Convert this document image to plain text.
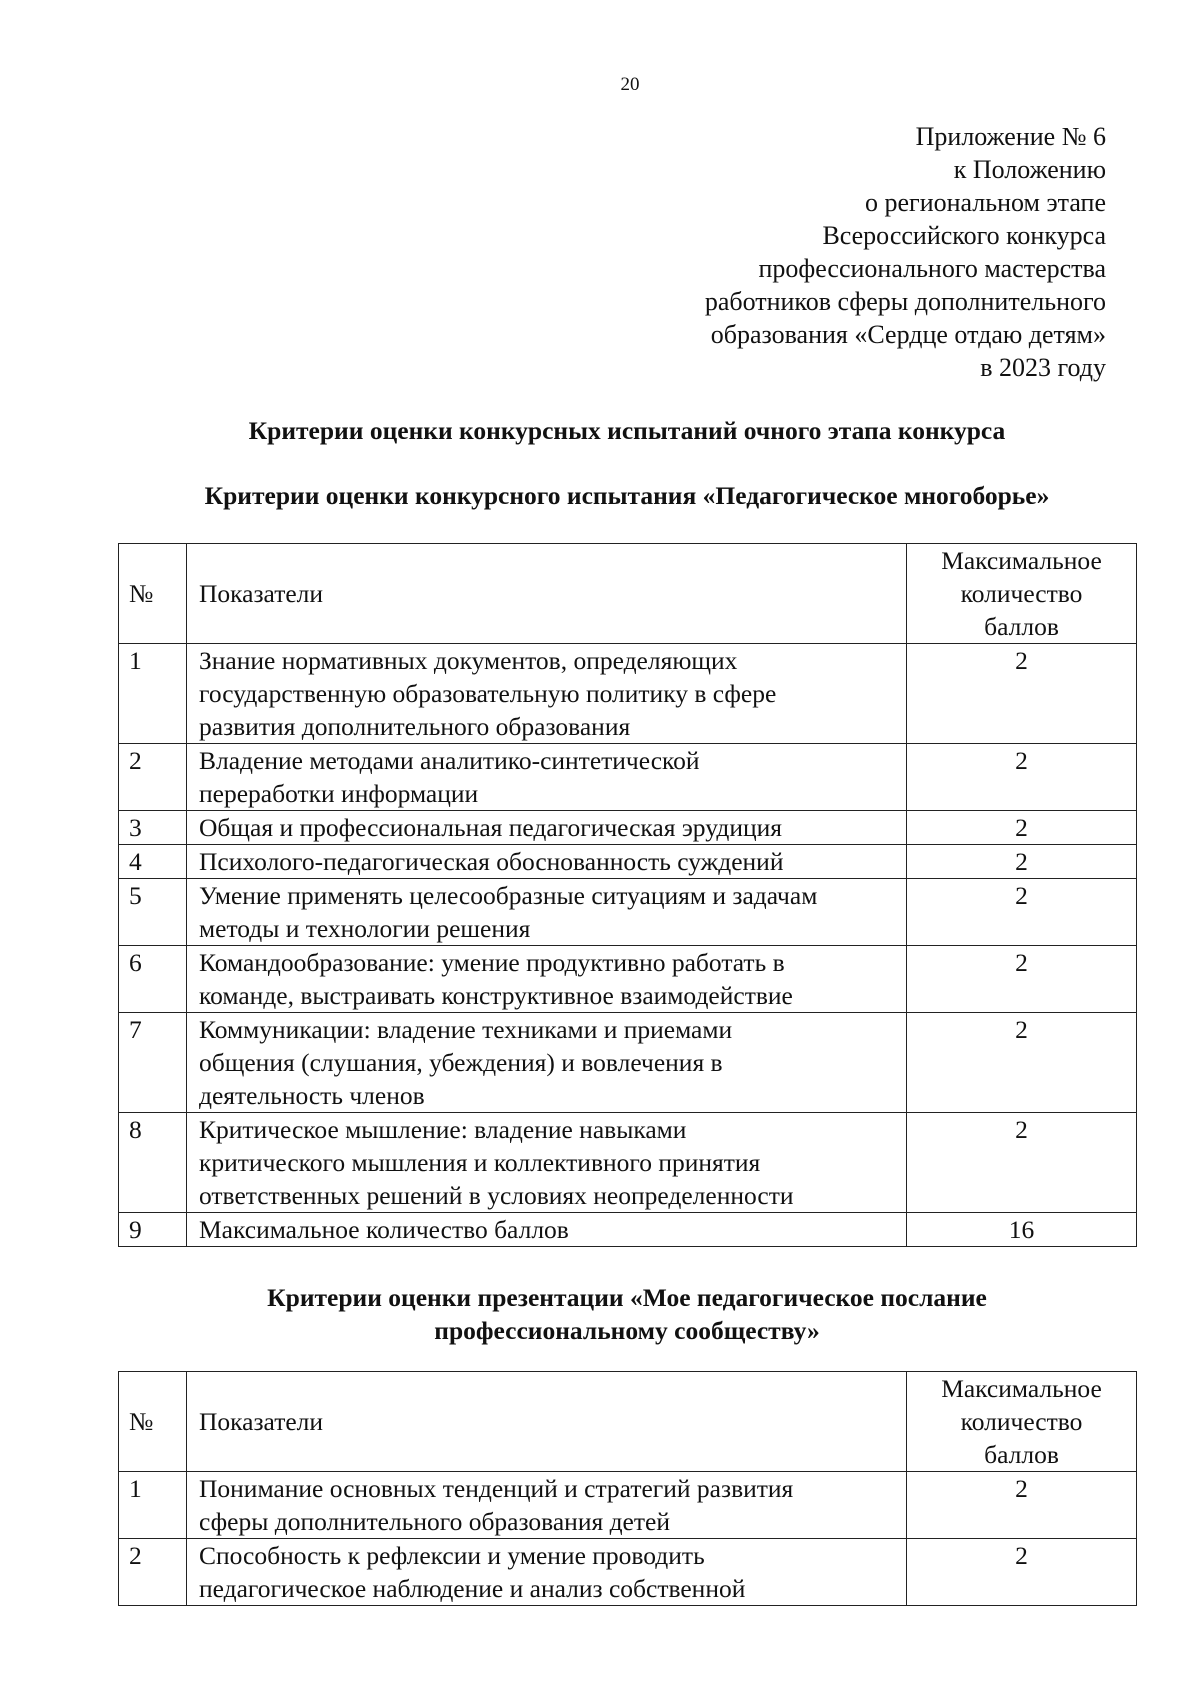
20
Приложение № 6
к Положению
о региональном этапе
Всероссийского конкурса
профессионального мастерства
работников сферы дополнительного
образования «Сердце отдаю детям»
в 2023 году
Критерии оценки конкурсных испытаний очного этапа конкурса
Критерии оценки конкурсного испытания «Педагогическое многоборье»
№	Показатели	Максимальное
количество
баллов

1	Знание нормативных документов, определяющих
государственную образовательную политику в сфере
развития дополнительного образования	2
2	Владение методами аналитико-синтетической
переработки информации	2
3	Общая и профессиональная педагогическая эрудиция	2
4	Психолого-педагогическая обоснованность суждений	2
5	Умение применять целесообразные ситуациям и задачам
методы и технологии решения	2
6	Командообразование: умение продуктивно работать в
команде, выстраивать конструктивное взаимодействие	2
7	Коммуникации: владение техниками и приемами
общения (слушания, убеждения) и вовлечения в
деятельность членов	2
8	Критическое мышление: владение навыками
критического мышления и коллективного принятия
ответственных решений в условиях неопределенности	2
9	Максимальное количество баллов	16
Критерии оценки презентации «Мое педагогическое послание
профессиональному сообществу»
№	Показатели	Максимальное
количество
баллов

1	Понимание основных тенденций и стратегий развития
сферы дополнительного образования детей	2
2	Способность к рефлексии и умение проводить
педагогическое наблюдение и анализ собственной	2
